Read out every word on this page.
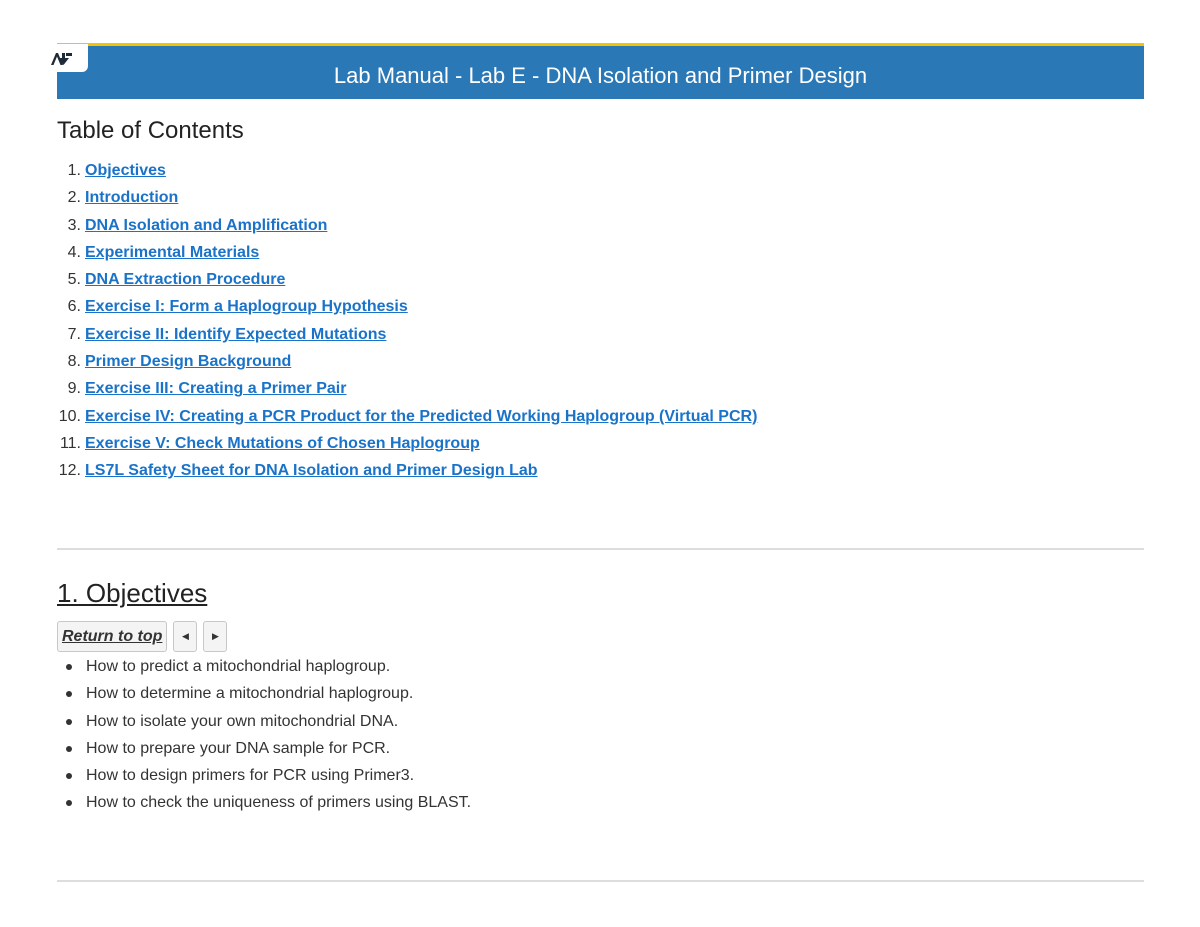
Lab Manual - Lab E - DNA Isolation and Primer Design
Table of Contents
1. Objectives
2. Introduction
3. DNA Isolation and Amplification
4. Experimental Materials
5. DNA Extraction Procedure
6. Exercise I: Form a Haplogroup Hypothesis
7. Exercise II: Identify Expected Mutations
8. Primer Design Background
9. Exercise III: Creating a Primer Pair
10. Exercise IV: Creating a PCR Product for the Predicted Working Haplogroup (Virtual PCR)
11. Exercise V: Check Mutations of Chosen Haplogroup
12. LS7L Safety Sheet for DNA Isolation and Primer Design Lab
1. Objectives
Return to top	◀	▶
How to predict a mitochondrial haplogroup.
How to determine a mitochondrial haplogroup.
How to isolate your own mitochondrial DNA.
How to prepare your DNA sample for PCR.
How to design primers for PCR using Primer3.
How to check the uniqueness of primers using BLAST.
